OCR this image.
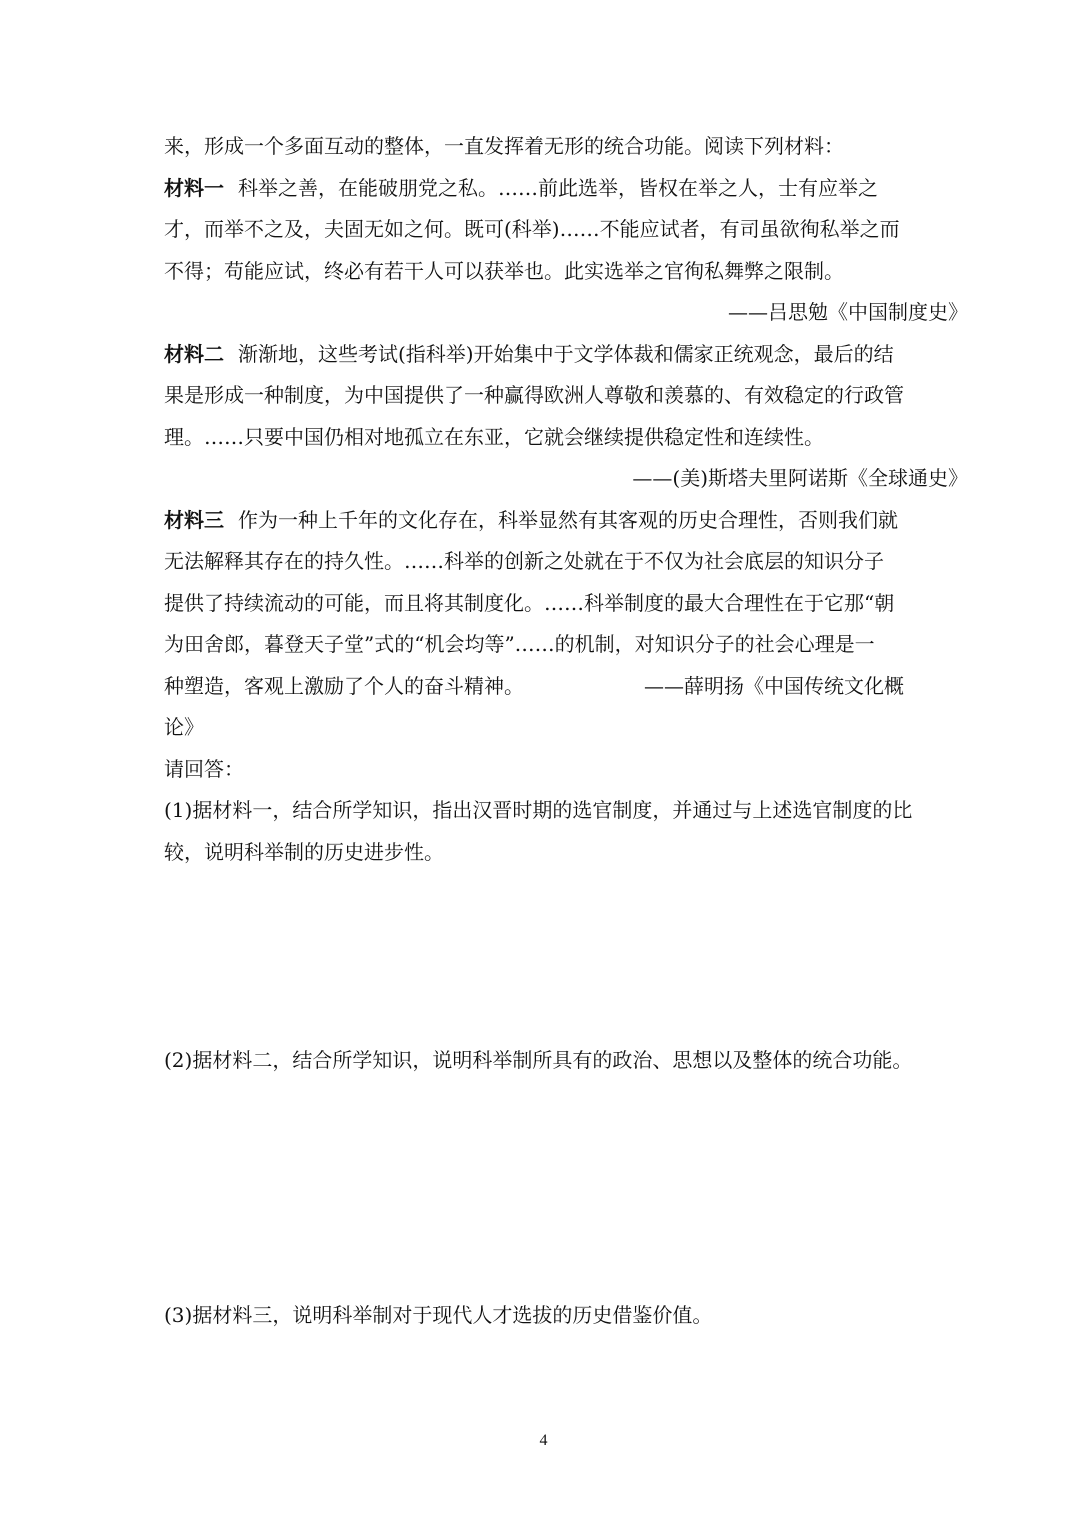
来，形成一个多面互动的整体，一直发挥着无形的统合功能。阅读下列材料：
材料一 科举之善，在能破朋党之私。……前此选举，皆权在举之人，士有应举之
才，而举不之及，夫固无如之何。既可(科举)……不能应试者，有司虽欲徇私举之而
不得；苟能应试，终必有若干人可以获举也。此实选举之官徇私舞弊之限制。
——吕思勉《中国制度史》
材料二 渐渐地，这些考试(指科举)开始集中于文学体裁和儒家正统观念，最后的结
果是形成一种制度，为中国提供了一种赢得欧洲人尊敬和羡慕的、有效稳定的行政管
理。……只要中国仍相对地孤立在东亚，它就会继续提供稳定性和连续性。
——(美)斯塔夫里阿诺斯《全球通史》
材料三 作为一种上千年的文化存在，科举显然有其客观的历史合理性，否则我们就
无法解释其存在的持久性。……科举的创新之处就在于不仅为社会底层的知识分子
提供了持续流动的可能，而且将其制度化。……科举制度的最大合理性在于它那“朝
为田舍郎，暮登天子堂”式的“机会均等”……的机制，对知识分子的社会心理是一
种塑造，客观上激励了个人的奋斗精神。	——薛明扬《中国传统文化概
论》
请回答：
(1)据材料一，结合所学知识，指出汉晋时期的选官制度，并通过与上述选官制度的比
较，说明科举制的历史进步性。
(2)据材料二，结合所学知识，说明科举制所具有的政治、思想以及整体的统合功能。
(3)据材料三，说明科举制对于现代人才选拔的历史借鉴价值。
4
